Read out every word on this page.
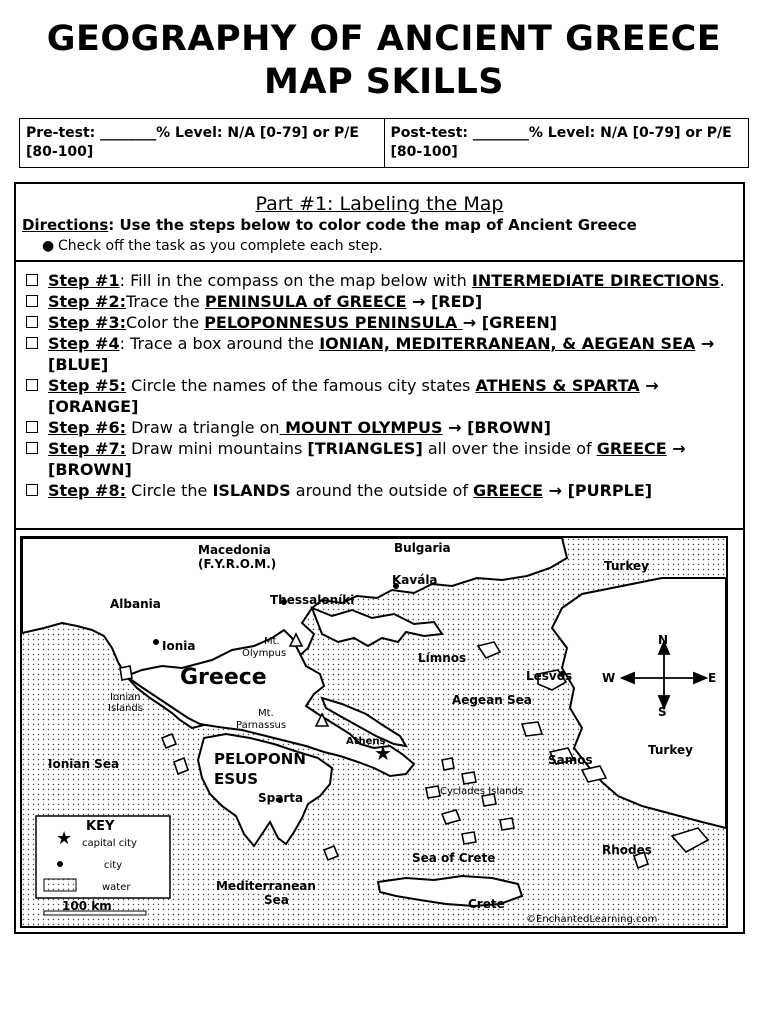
GEOGRAPHY OF ANCIENT GREECE
MAP SKILLS
Pre-test: ________% Level: N/A [0-79] or P/E [80-100]
Post-test: ________% Level: N/A [0-79] or P/E [80-100]
Part #1: Labeling the Map
Directions: Use the steps below to color code the map of Ancient Greece
● Check off the task as you complete each step.
Step #1: Fill in the compass on the map below with INTERMEDIATE DIRECTIONS.
Step #2:Trace the PENINSULA of GREECE → [RED]
Step #3:Color the PELOPONNESUS PENINSULA → [GREEN]
Step #4: Trace a box around the IONIAN, MEDITERRANEAN, & AEGEAN SEA → [BLUE]
Step #5: Circle the names of the famous city states ATHENS & SPARTA → [ORANGE]
Step #6: Draw a triangle on MOUNT OLYMPUS → [BROWN]
Step #7: Draw mini mountains [TRIANGLES] all over the inside of GREECE → [BROWN]
Step #8: Circle the ISLANDS around the outside of GREECE → [PURPLE]
★
★
Macedonia
(F.Y.R.O.M.)
Bulgaria
Turkey
Kavála
Albania	Thessaloníki
Ionia	Mt.
Olympus	Límnos
Greece	Lesvos
Ionian
Islands
Aegean Sea
Mt.
Parnassus
Athens
PELOPONN
ESUS
Ionian Sea
Turkey
Samos
Cyclades Islands
Sparta
KEY
capital city
city
water
Sea of Crete
Rhodes
Mediterranean
Sea	Crete
100 km
©EnchantedLearning.com
N
S
E
W
